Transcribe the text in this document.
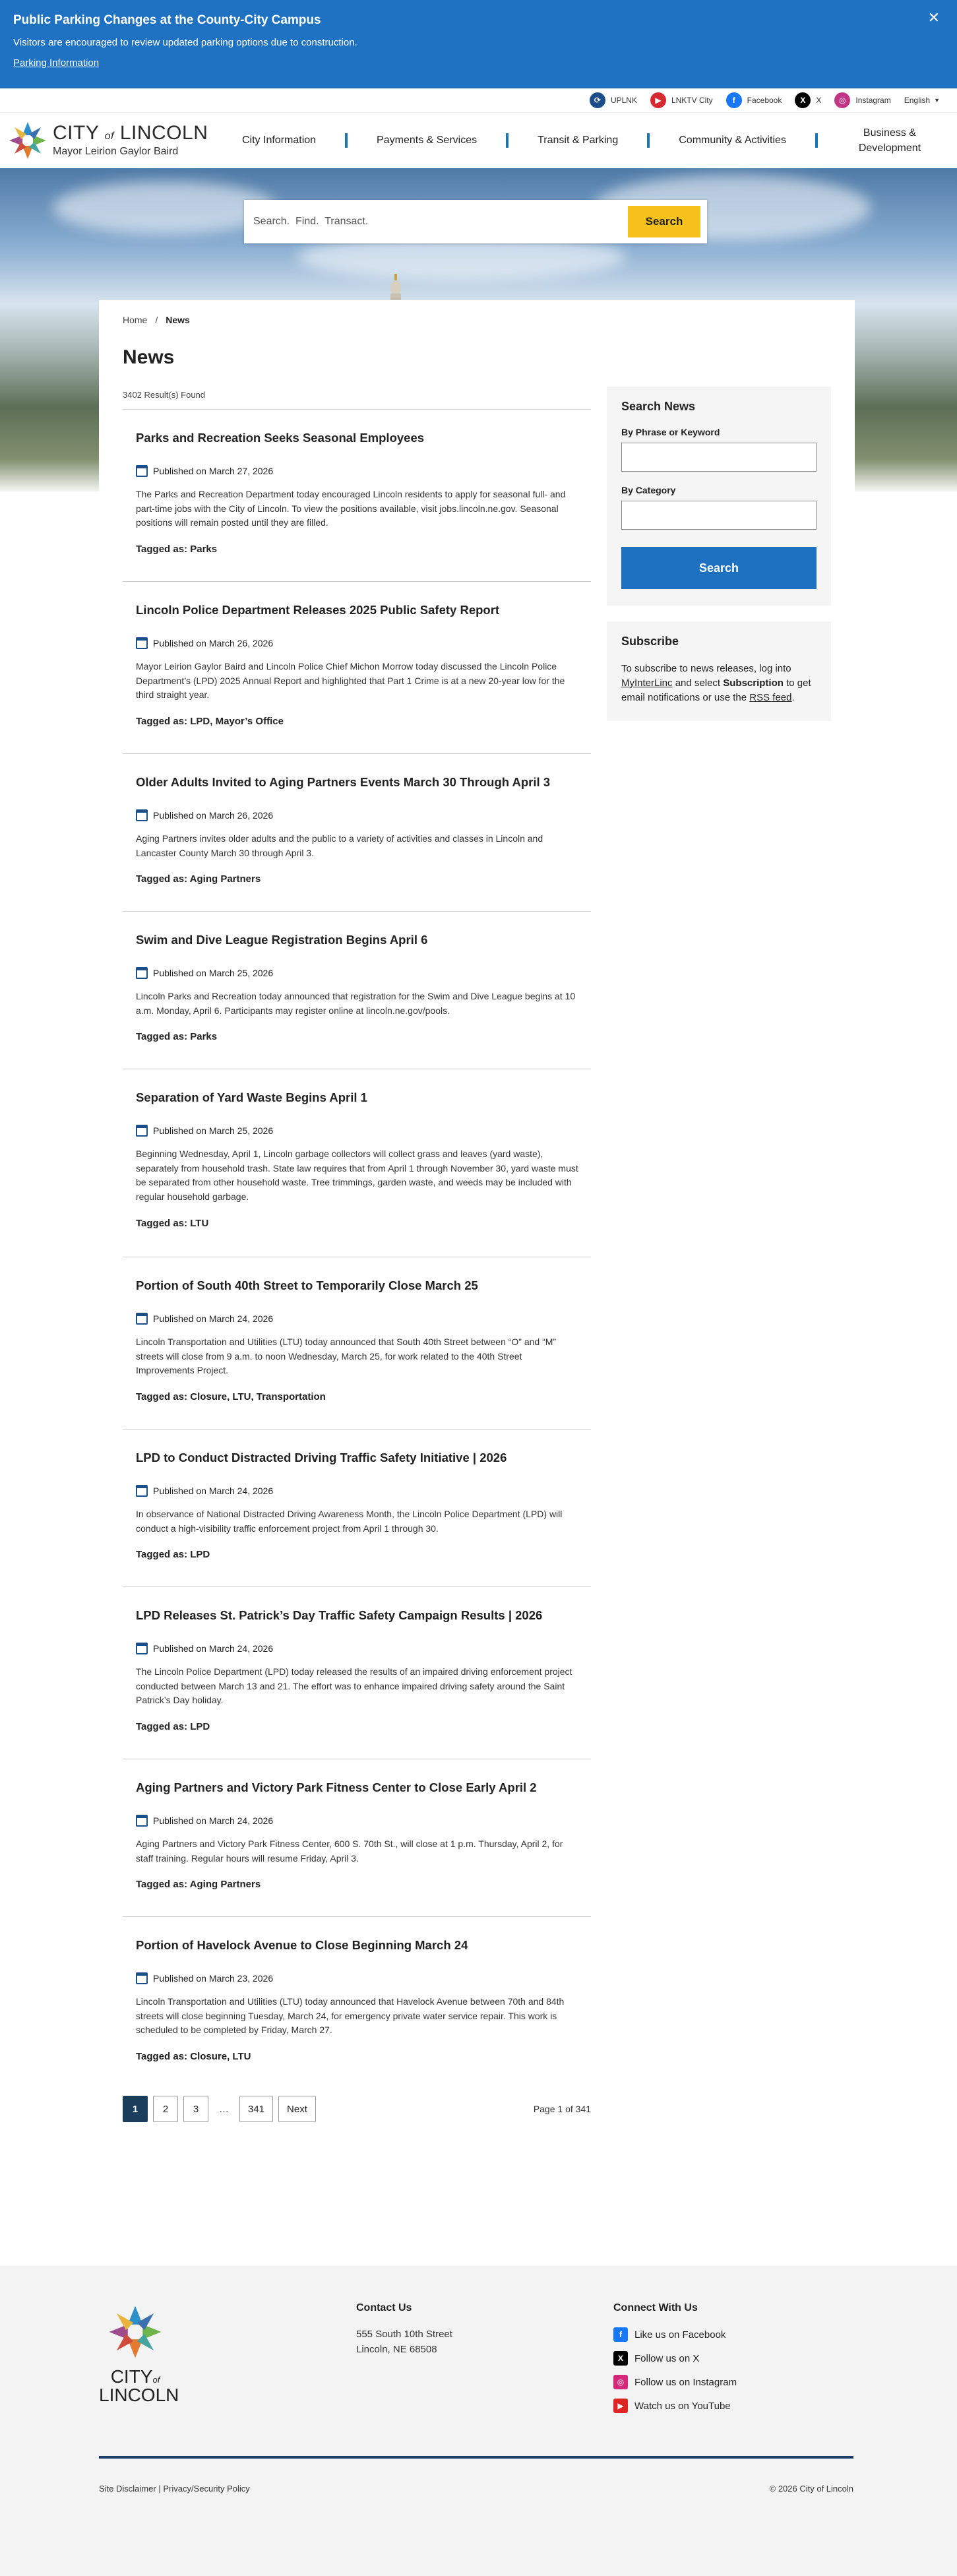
Public Parking Changes at the County-City Campus
Visitors are encouraged to review updated parking options due to construction.
Parking Information
✕
⟳	UPLNK	▶	LNKTV City	f	Facebook	X	X	◎	Instagram English ▼
CITY of LINCOLN
Mayor Leirion Gaylor Baird
City Information	Payments & Services	Transit & Parking	Community & Activities
Business & Development
Search. Find. Transact.
Search
Home / News
News
3402 Result(s) Found
Parks and Recreation Seeks Seasonal Employees
Published on March 27, 2026
The Parks and Recreation Department today encouraged Lincoln residents to apply for seasonal full- and part-time jobs with the City of Lincoln. To view the positions available, visit jobs.lincoln.ne.gov. Seasonal positions will remain posted until they are filled.
Tagged as: Parks
Lincoln Police Department Releases 2025 Public Safety Report
Published on March 26, 2026
Mayor Leirion Gaylor Baird and Lincoln Police Chief Michon Morrow today discussed the Lincoln Police Department’s (LPD) 2025 Annual Report and highlighted that Part 1 Crime is at a new 20-year low for the third straight year.
Tagged as: LPD, Mayor’s Office
Older Adults Invited to Aging Partners Events March 30 Through April 3
Published on March 26, 2026
Aging Partners invites older adults and the public to a variety of activities and classes in Lincoln and Lancaster County March 30 through April 3.
Tagged as: Aging Partners
Swim and Dive League Registration Begins April 6
Published on March 25, 2026
Lincoln Parks and Recreation today announced that registration for the Swim and Dive League begins at 10 a.m. Monday, April 6. Participants may register online at lincoln.ne.gov/pools.
Tagged as: Parks
Separation of Yard Waste Begins April 1
Published on March 25, 2026
Beginning Wednesday, April 1, Lincoln garbage collectors will collect grass and leaves (yard waste), separately from household trash. State law requires that from April 1 through November 30, yard waste must be separated from other household waste. Tree trimmings, garden waste, and weeds may be included with regular household garbage.
Tagged as: LTU
Portion of South 40th Street to Temporarily Close March 25
Published on March 24, 2026
Lincoln Transportation and Utilities (LTU) today announced that South 40th Street between “O” and “M” streets will close from 9 a.m. to noon Wednesday, March 25, for work related to the 40th Street Improvements Project.
Tagged as: Closure, LTU, Transportation
LPD to Conduct Distracted Driving Traffic Safety Initiative | 2026
Published on March 24, 2026
In observance of National Distracted Driving Awareness Month, the Lincoln Police Department (LPD) will conduct a high-visibility traffic enforcement project from April 1 through 30.
Tagged as: LPD
LPD Releases St. Patrick’s Day Traffic Safety Campaign Results | 2026
Published on March 24, 2026
The Lincoln Police Department (LPD) today released the results of an impaired driving enforcement project conducted between March 13 and 21. The effort was to enhance impaired driving safety around the Saint Patrick’s Day holiday.
Tagged as: LPD
Aging Partners and Victory Park Fitness Center to Close Early April 2
Published on March 24, 2026
Aging Partners and Victory Park Fitness Center, 600 S. 70th St., will close at 1 p.m. Thursday, April 2, for staff training. Regular hours will resume Friday, April 3.
Tagged as: Aging Partners
Portion of Havelock Avenue to Close Beginning March 24
Published on March 23, 2026
Lincoln Transportation and Utilities (LTU) today announced that Havelock Avenue between 70th and 84th streets will close beginning Tuesday, March 24, for emergency private water service repair. This work is scheduled to be completed by Friday, March 27.
Tagged as: Closure, LTU
1	2	3	…	341	Next	Page 1 of 341
Search News
By Phrase or Keyword
By Category
Search
Subscribe
To subscribe to news releases, log into MyInterLinc and select Subscription to get email notifications or use the RSS feed.
CITYof
LINCOLN
Contact Us
555 South 10th Street
Lincoln, NE 68508
Connect With Us
f	Like us on Facebook
X	Follow us on X
◎	Follow us on Instagram
▶	Watch us on YouTube
Site Disclaimer | Privacy/Security Policy	© 2026 City of Lincoln
